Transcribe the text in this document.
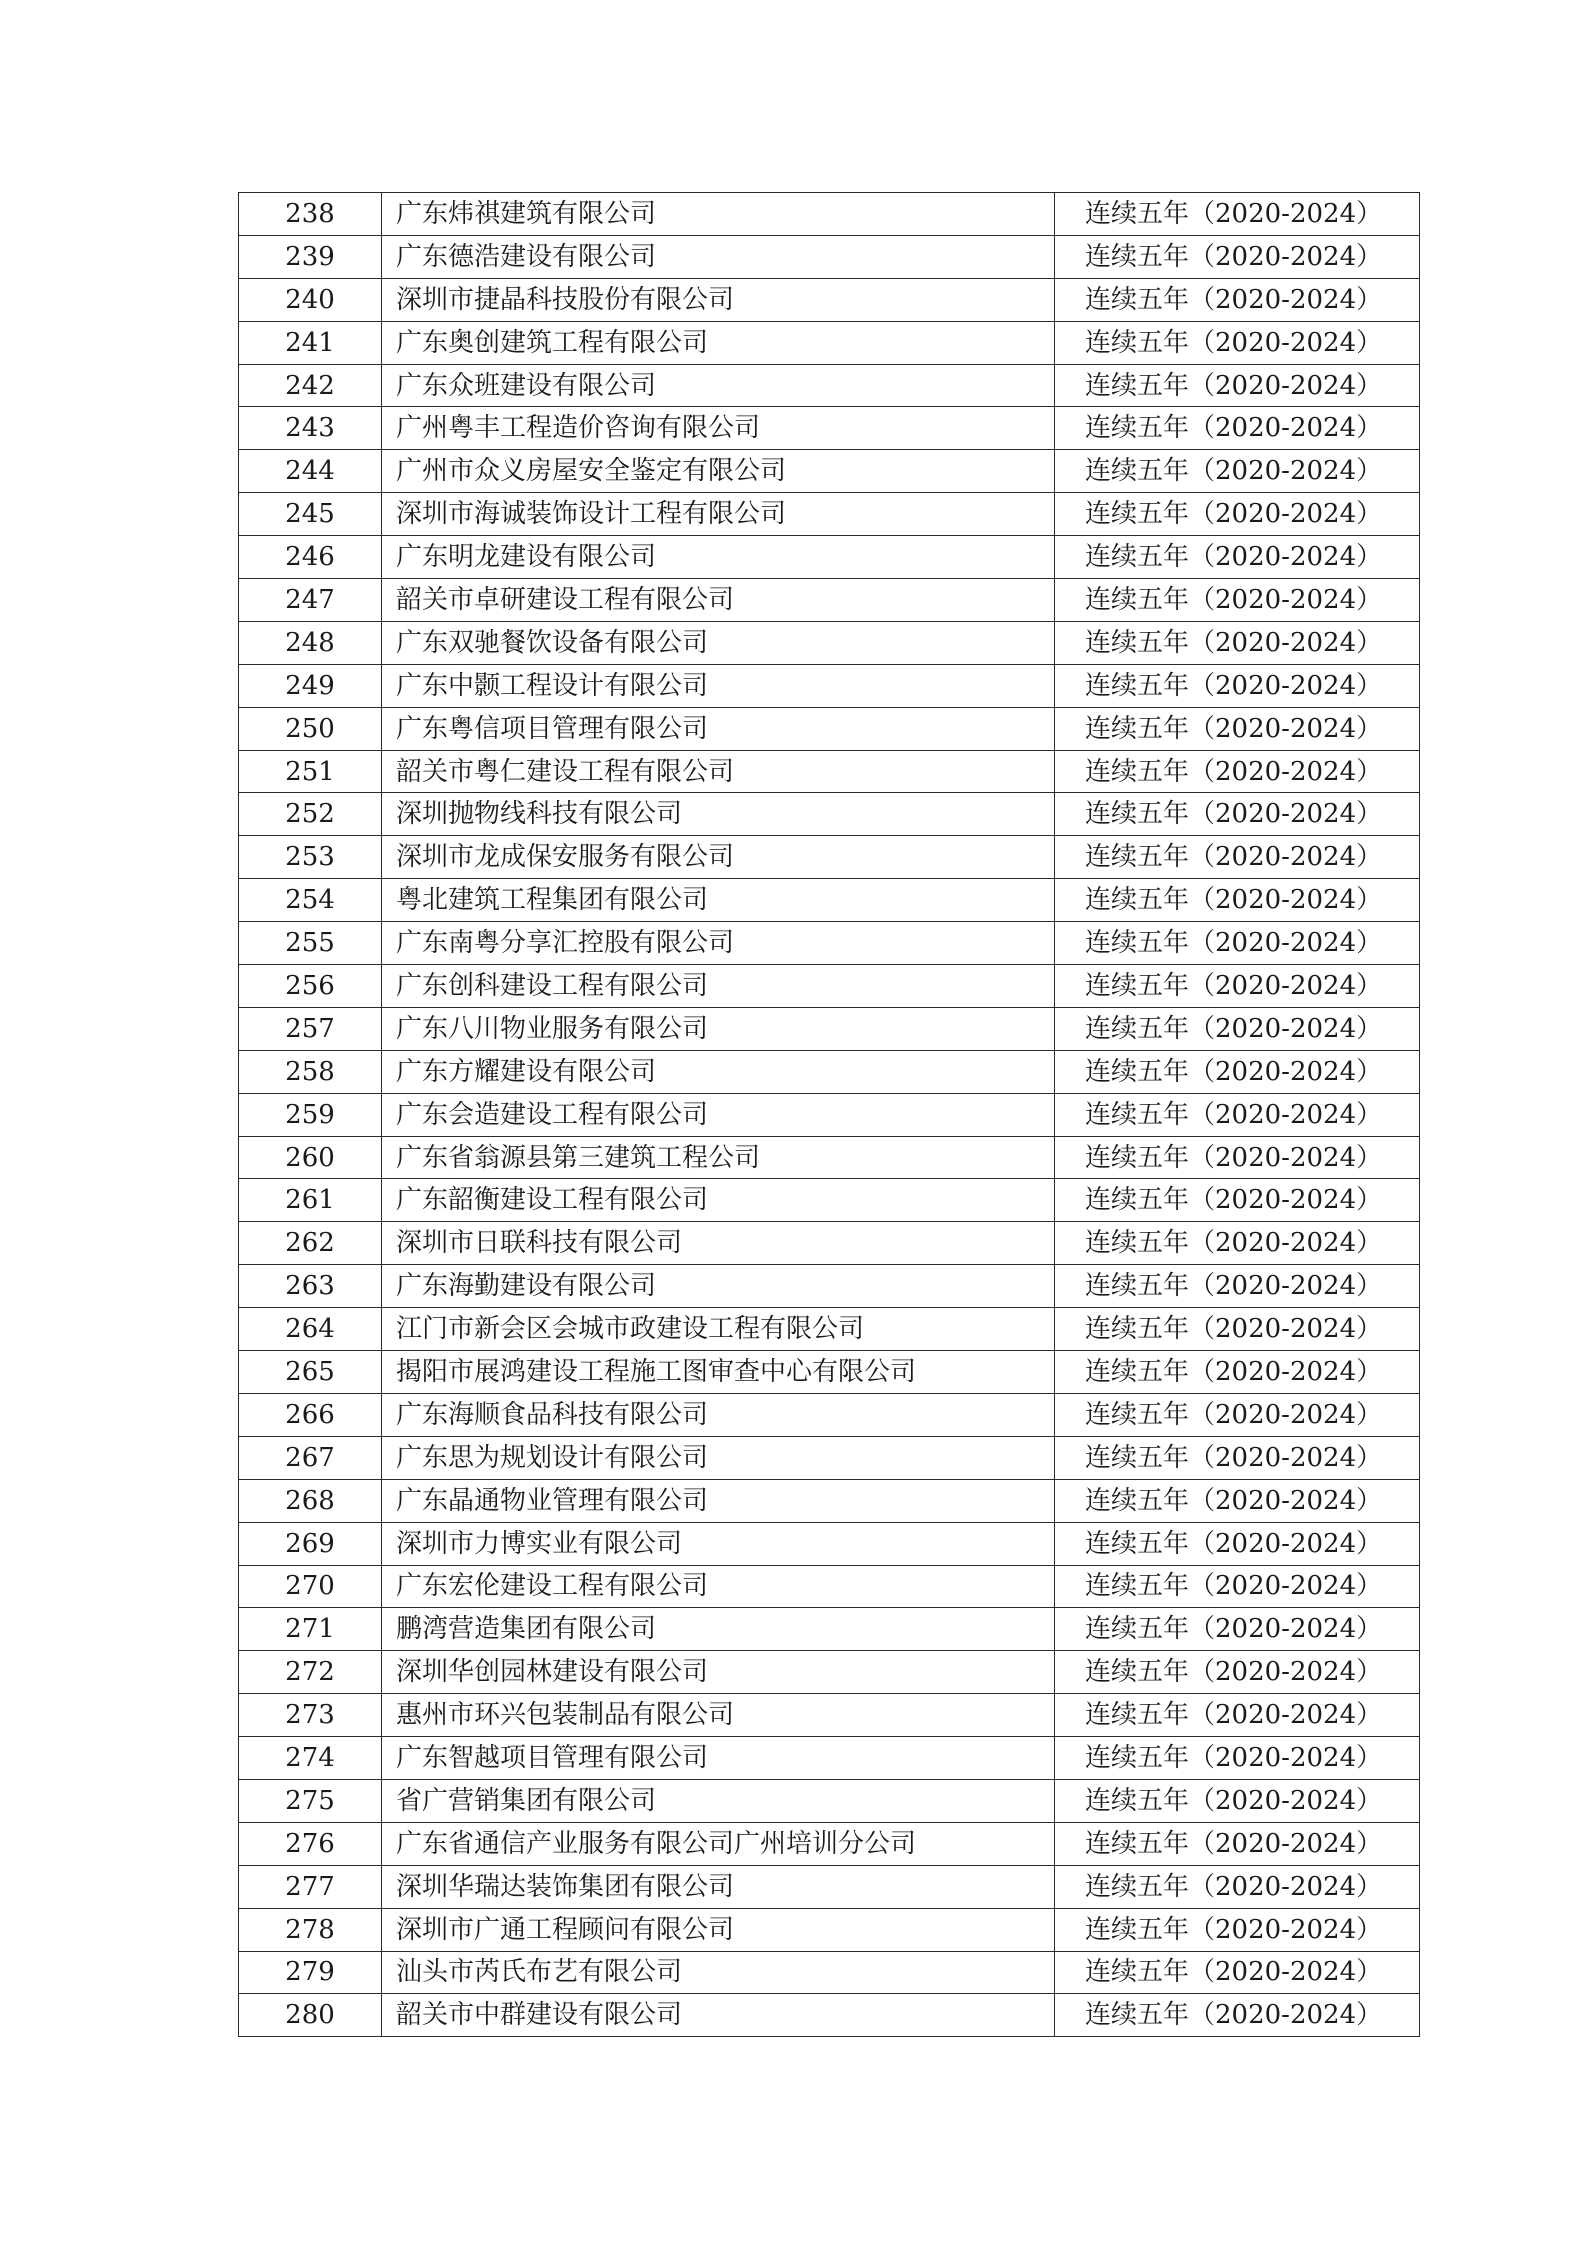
238	广东炜祺建筑有限公司	连续五年（2020-2024）
239	广东德浩建设有限公司	连续五年（2020-2024）
240	深圳市捷晶科技股份有限公司	连续五年（2020-2024）
241	广东奥创建筑工程有限公司	连续五年（2020-2024）
242	广东众班建设有限公司	连续五年（2020-2024）
243	广州粤丰工程造价咨询有限公司	连续五年（2020-2024）
244	广州市众义房屋安全鉴定有限公司	连续五年（2020-2024）
245	深圳市海诚装饰设计工程有限公司	连续五年（2020-2024）
246	广东明龙建设有限公司	连续五年（2020-2024）
247	韶关市卓研建设工程有限公司	连续五年（2020-2024）
248	广东双驰餐饮设备有限公司	连续五年（2020-2024）
249	广东中颢工程设计有限公司	连续五年（2020-2024）
250	广东粤信项目管理有限公司	连续五年（2020-2024）
251	韶关市粤仁建设工程有限公司	连续五年（2020-2024）
252	深圳抛物线科技有限公司	连续五年（2020-2024）
253	深圳市龙成保安服务有限公司	连续五年（2020-2024）
254	粤北建筑工程集团有限公司	连续五年（2020-2024）
255	广东南粤分享汇控股有限公司	连续五年（2020-2024）
256	广东创科建设工程有限公司	连续五年（2020-2024）
257	广东八川物业服务有限公司	连续五年（2020-2024）
258	广东方耀建设有限公司	连续五年（2020-2024）
259	广东会造建设工程有限公司	连续五年（2020-2024）
260	广东省翁源县第三建筑工程公司	连续五年（2020-2024）
261	广东韶衡建设工程有限公司	连续五年（2020-2024）
262	深圳市日联科技有限公司	连续五年（2020-2024）
263	广东海勤建设有限公司	连续五年（2020-2024）
264	江门市新会区会城市政建设工程有限公司	连续五年（2020-2024）
265	揭阳市展鸿建设工程施工图审查中心有限公司	连续五年（2020-2024）
266	广东海顺食品科技有限公司	连续五年（2020-2024）
267	广东思为规划设计有限公司	连续五年（2020-2024）
268	广东晶通物业管理有限公司	连续五年（2020-2024）
269	深圳市力博实业有限公司	连续五年（2020-2024）
270	广东宏伦建设工程有限公司	连续五年（2020-2024）
271	鹏湾营造集团有限公司	连续五年（2020-2024）
272	深圳华创园林建设有限公司	连续五年（2020-2024）
273	惠州市环兴包装制品有限公司	连续五年（2020-2024）
274	广东智越项目管理有限公司	连续五年（2020-2024）
275	省广营销集团有限公司	连续五年（2020-2024）
276	广东省通信产业服务有限公司广州培训分公司	连续五年（2020-2024）
277	深圳华瑞达装饰集团有限公司	连续五年（2020-2024）
278	深圳市广通工程顾问有限公司	连续五年（2020-2024）
279	汕头市芮氏布艺有限公司	连续五年（2020-2024）
280	韶关市中群建设有限公司	连续五年（2020-2024）
